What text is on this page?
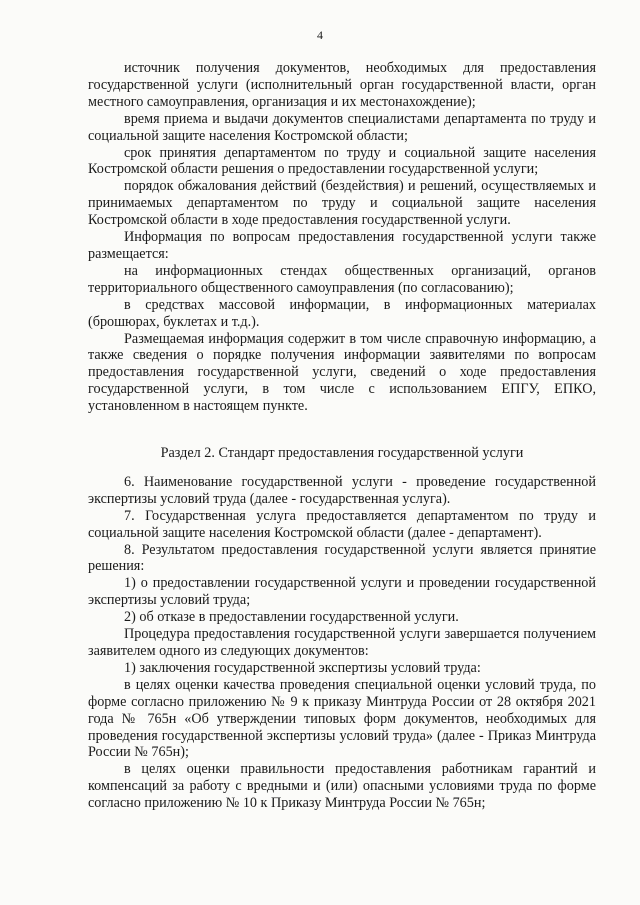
4

источник получения документов, необходимых для предоставления государственной услуги (исполнительный орган государственной власти, орган местного самоуправления, организация и их местонахождение);

время приема и выдачи документов специалистами департамента по труду и социальной защите населения Костромской области;

срок принятия департаментом по труду и социальной защите населения Костромской области решения о предоставлении государственной услуги;

порядок обжалования действий (бездействия) и решений, осуществляемых и принимаемых департаментом по труду и социальной защите населения Костромской области в ходе предоставления государственной услуги.

Информация по вопросам предоставления государственной услуги также размещается:

на информационных стендах общественных организаций, органов территориального общественного самоуправления (по согласованию);

в средствах массовой информации, в информационных материалах (брошюрах, буклетах и т.д.).

Размещаемая информация содержит в том числе справочную информацию, а также сведения о порядке получения информации заявителями по вопросам предоставления государственной услуги, сведений о ходе предоставления государственной услуги, в том числе с использованием ЕПГУ, ЕПКО, установленном в настоящем пункте.

Раздел 2. Стандарт предоставления государственной услуги

6. Наименование государственной услуги - проведение государственной экспертизы условий труда (далее - государственная услуга).

7. Государственная услуга предоставляется департаментом по труду и социальной защите населения Костромской области (далее - департамент).

8. Результатом предоставления государственной услуги является принятие решения:

1) о предоставлении государственной услуги и проведении государственной экспертизы условий труда;

2) об отказе в предоставлении государственной услуги.

Процедура предоставления государственной услуги завершается получением заявителем одного из следующих документов:

1) заключения государственной экспертизы условий труда:

в целях оценки качества проведения специальной оценки условий труда, по форме согласно приложению № 9 к приказу Минтруда России от 28 октября 2021 года № 765н «Об утверждении типовых форм документов, необходимых для проведения государственной экспертизы условий труда» (далее - Приказ Минтруда России № 765н);

в целях оценки правильности предоставления работникам гарантий и компенсаций за работу с вредными и (или) опасными условиями труда по форме согласно приложению № 10 к Приказу Минтруда России № 765н;
